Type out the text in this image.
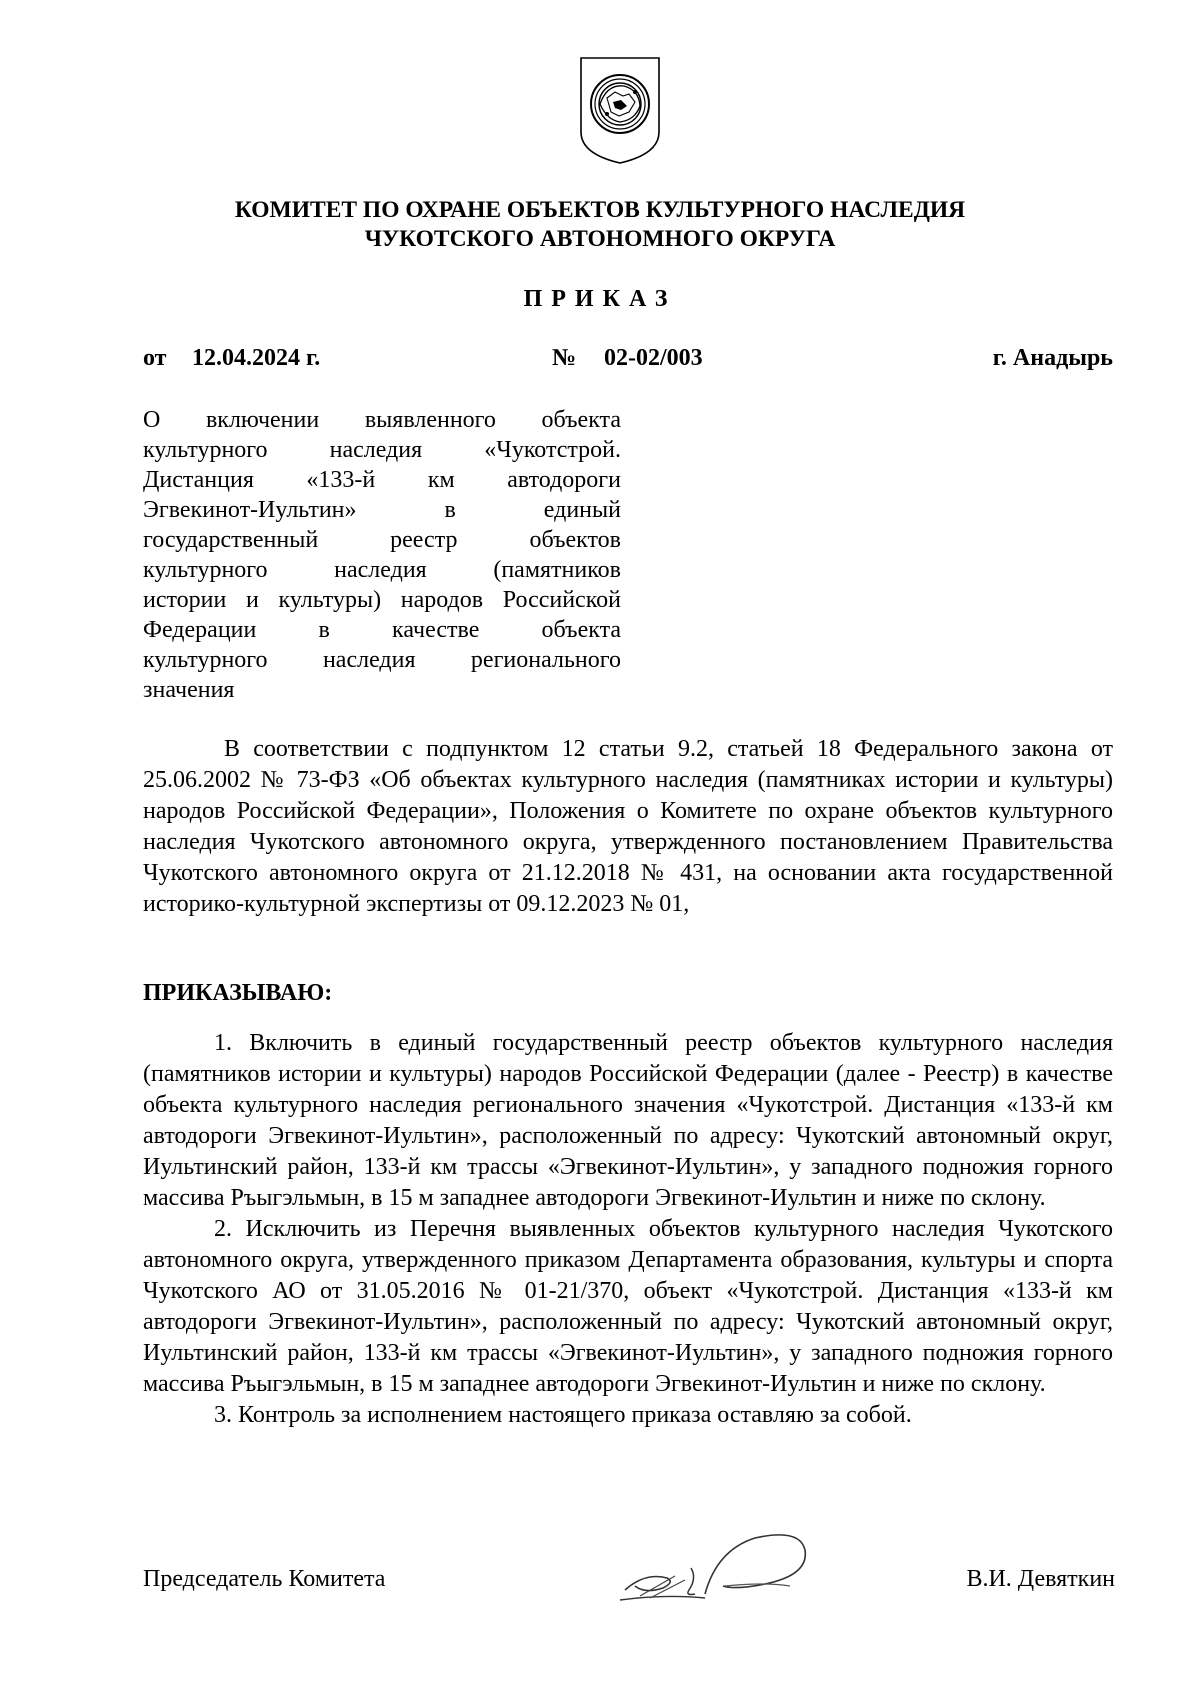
КОМИТЕТ ПО ОХРАНЕ ОБЪЕКТОВ КУЛЬТУРНОГО НАСЛЕДИЯ
ЧУКОТСКОГО АВТОНОМНОГО ОКРУГА
ПРИКАЗ
от 12.04.2024 г.	№ 02-02/003	г. Анадырь
О включении выявленного объекта
культурного наследия «Чукотстрой.
Дистанция «133-й км автодороги
Эгвекинот-Иультин» в единый
государственный реестр объектов
культурного наследия (памятников
истории и культуры) народов Российской
Федерации в качестве объекта
культурного наследия регионального
значения

В соответствии с подпунктом 12 статьи 9.2, статьей 18 Федерального закона от 25.06.2002 № 73-ФЗ «Об объектах культурного наследия (памятниках истории и культуры) народов Российской Федерации», Положения о Комитете по охране объектов культурного наследия Чукотского автономного округа, утвержденного постановлением Правительства Чукотского автономного округа от 21.12.2018 № 431, на основании акта государственной историко-культурной экспертизы от 09.12.2023 № 01,

ПРИКАЗЫВАЮ:

1. Включить в единый государственный реестр объектов культурного наследия (памятников истории и культуры) народов Российской Федерации (далее - Реестр) в качестве объекта культурного наследия регионального значения «Чукотстрой. Дистанция «133-й км автодороги Эгвекинот-Иультин», расположенный по адресу: Чукотский автономный округ, Иультинский район, 133-й км трассы «Эгвекинот-Иультин», у западного подножия горного массива Ръыгэльмын, в 15 м западнее автодороги Эгвекинот-Иультин и ниже по склону.

2. Исключить из Перечня выявленных объектов культурного наследия Чукотского автономного округа, утвержденного приказом Департамента образования, культуры и спорта Чукотского АО от 31.05.2016 № 01-21/370, объект «Чукотстрой. Дистанция «133-й км автодороги Эгвекинот-Иультин», расположенный по адресу: Чукотский автономный округ, Иультинский район, 133-й км трассы «Эгвекинот-Иультин», у западного подножия горного массива Ръыгэльмын, в 15 м западнее автодороги Эгвекинот-Иультин и ниже по склону.

3. Контроль за исполнением настоящего приказа оставляю за собой.

Председатель Комитета	В.И. Девяткин
